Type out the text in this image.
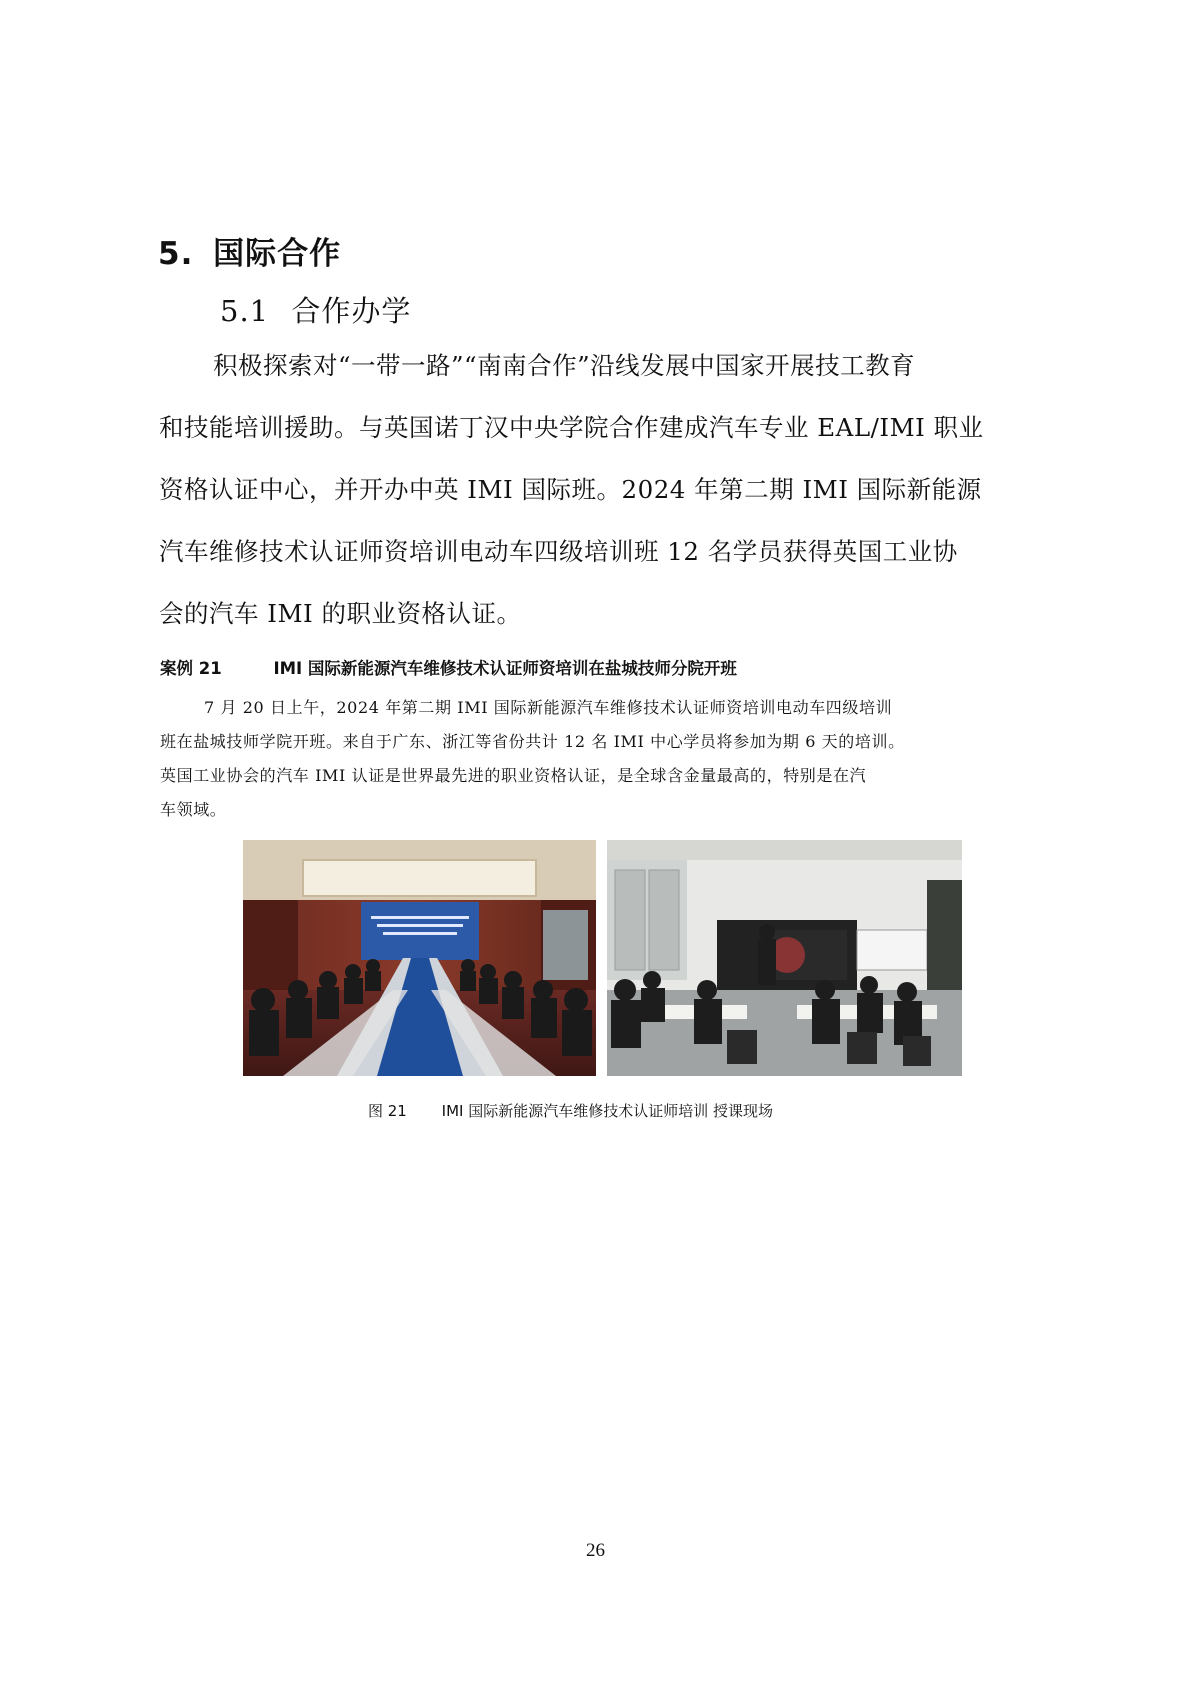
5. 国际合作
5.1 合作办学
积极探索对“一带一路”“南南合作”沿线发展中国家开展技工教育
和技能培训援助。与英国诺丁汉中央学院合作建成汽车专业 EAL/IMI 职业
资格认证中心，并开办中英 IMI 国际班。2024 年第二期 IMI 国际新能源
汽车维修技术认证师资培训电动车四级培训班 12 名学员获得英国工业协
会的汽车 IMI 的职业资格认证。
案例 21	IMI 国际新能源汽车维修技术认证师资培训在盐城技师分院开班
7 月 20 日上午，2024 年第二期 IMI 国际新能源汽车维修技术认证师资培训电动车四级培训
班在盐城技师学院开班。来自于广东、浙江等省份共计 12 名 IMI 中心学员将参加为期 6 天的培训。
英国工业协会的汽车 IMI 认证是世界最先进的职业资格认证，是全球含金量最高的，特别是在汽
车领域。
图 21 IMI 国际新能源汽车维修技术认证师培训 授课现场
26
